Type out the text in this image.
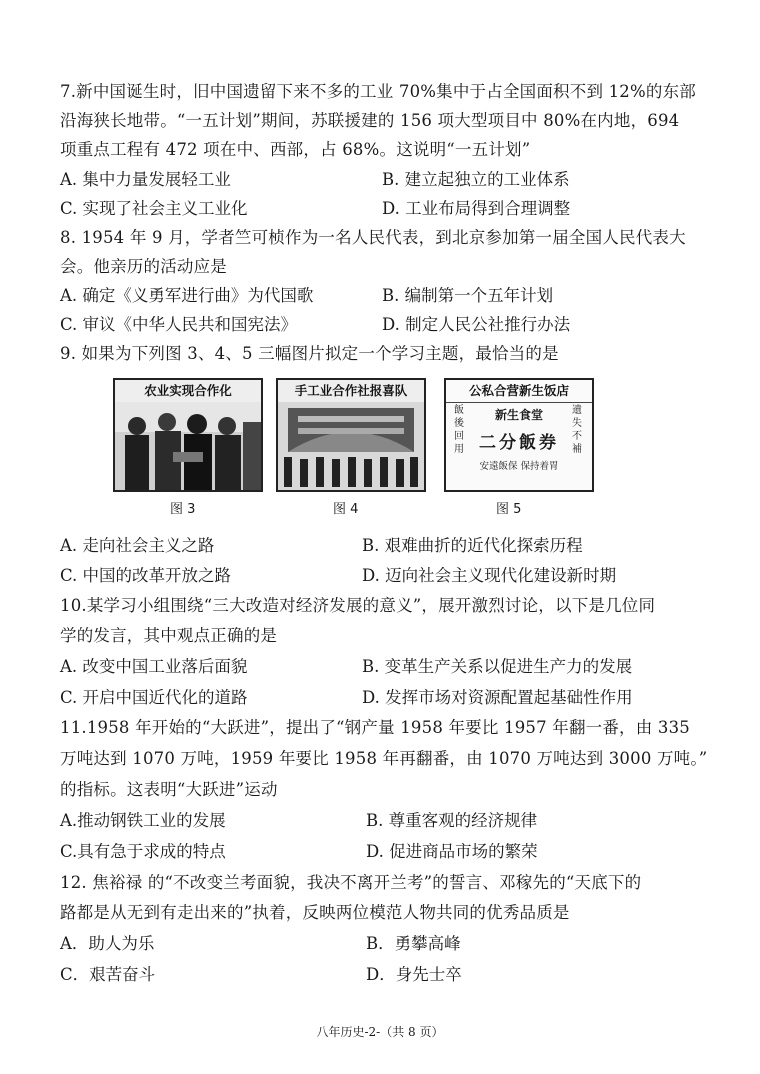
7.新中国诞生时，旧中国遗留下来不多的工业 70%集中于占全国面积不到 12%的东部
沿海狭长地带。“一五计划”期间，苏联援建的 156 项大型项目中 80%在内地，694
项重点工程有 472 项在中、西部，占 68%。这说明“一五计划”
A. 集中力量发展轻工业	B. 建立起独立的工业体系
C. 实现了社会主义工业化	D. 工业布局得到合理调整
8. 1954 年 9 月，学者竺可桢作为一名人民代表，到北京参加第一届全国人民代表大
会。他亲历的活动应是
A. 确定《义勇军进行曲》为代国歌	B. 编制第一个五年计划
C. 审议《中华人民共和国宪法》	D. 制定人民公社推行办法
9. 如果为下列图 3、4、5 三幅图片拟定一个学习主题，最恰当的是
农业实现合作化	手工业合作社报喜队	公私合营新生饭店
新生食堂
二分飯券
飯後回用
遺失不補
安遠飯保 保持着胃
图 3	图 4	图 5
A. 走向社会主义之路	B. 艰难曲折的近代化探索历程
C. 中国的改革开放之路	D. 迈向社会主义现代化建设新时期
10.某学习小组围绕“三大改造对经济发展的意义”，展开激烈讨论，以下是几位同
学的发言，其中观点正确的是
A. 改变中国工业落后面貌	B. 变革生产关系以促进生产力的发展
C. 开启中国近代化的道路	D. 发挥市场对资源配置起基础性作用
11.1958 年开始的“大跃进”，提出了“钢产量 1958 年要比 1957 年翻一番，由 335
万吨达到 1070 万吨，1959 年要比 1958 年再翻番，由 1070 万吨达到 3000 万吨。”
的指标。这表明“大跃进”运动
A.推动钢铁工业的发展	B. 尊重客观的经济规律
C.具有急于求成的特点	D. 促进商品市场的繁荣
12. 焦裕禄 的“不改变兰考面貌，我决不离开兰考”的誓言、邓稼先的“天底下的
路都是从无到有走出来的”执着，反映两位模范人物共同的优秀品质是
A．助人为乐	B．勇攀高峰
C．艰苦奋斗	D．身先士卒
八年历史-2-（共 8 页）
